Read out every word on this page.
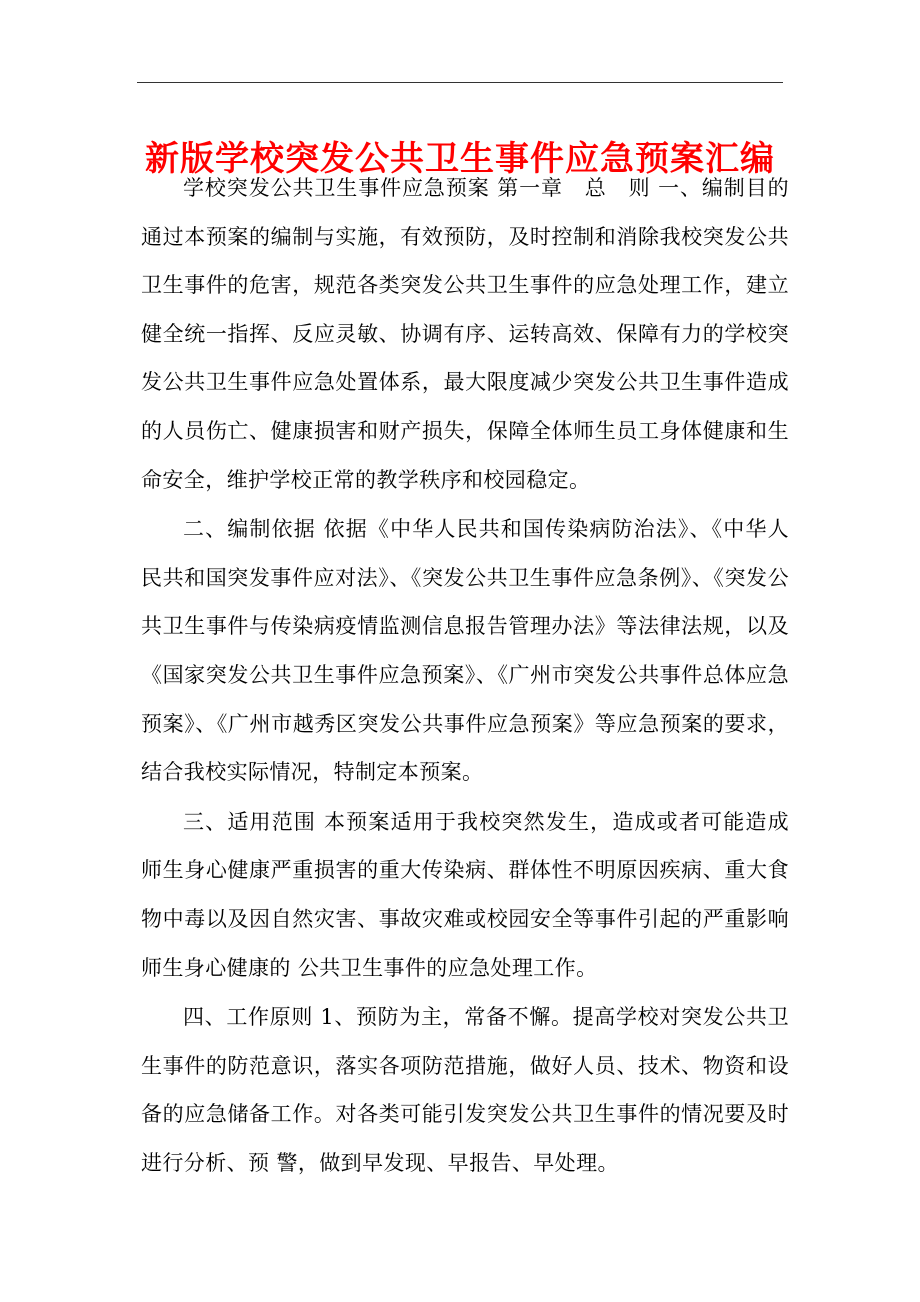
新版学校突发公共卫生事件应急预案汇编

学校突发公共卫生事件应急预案 第一章　总　则 一、编制目的 通过本预案的编制与实施，有效预防，及时控制和消除我校突发公共卫生事件的危害，规范各类突发公共卫生事件的应急处理工作，建立健全统一指挥、反应灵敏、协调有序、运转高效、保障有力的学校突发公共卫生事件应急处置体系，最大限度减少突发公共卫生事件造成的人员伤亡、健康损害和财产损失，保障全体师生员工身体健康和生命安全，维护学校正常的教学秩序和校园稳定。

二、编制依据 依据《中华人民共和国传染病防治法》、《中华人民共和国突发事件应对法》、《突发公共卫生事件应急条例》、《突发公共卫生事件与传染病疫情监测信息报告管理办法》等法律法规，以及《国家突发公共卫生事件应急预案》、《广州市突发公共事件总体应急预案》、《广州市越秀区突发公共事件应急预案》等应急预案的要求，结合我校实际情况，特制定本预案。

三、适用范围 本预案适用于我校突然发生，造成或者可能造成师生身心健康严重损害的重大传染病、群体性不明原因疾病、重大食物中毒以及因自然灾害、事故灾难或校园安全等事件引起的严重影响师生身心健康的 公共卫生事件的应急处理工作。

四、工作原则 1、预防为主，常备不懈。提高学校对突发公共卫生事件的防范意识，落实各项防范措施，做好人员、技术、物资和设备的应急储备工作。对各类可能引发突发公共卫生事件的情况要及时进行分析、预 警，做到早发现、早报告、早处理。
